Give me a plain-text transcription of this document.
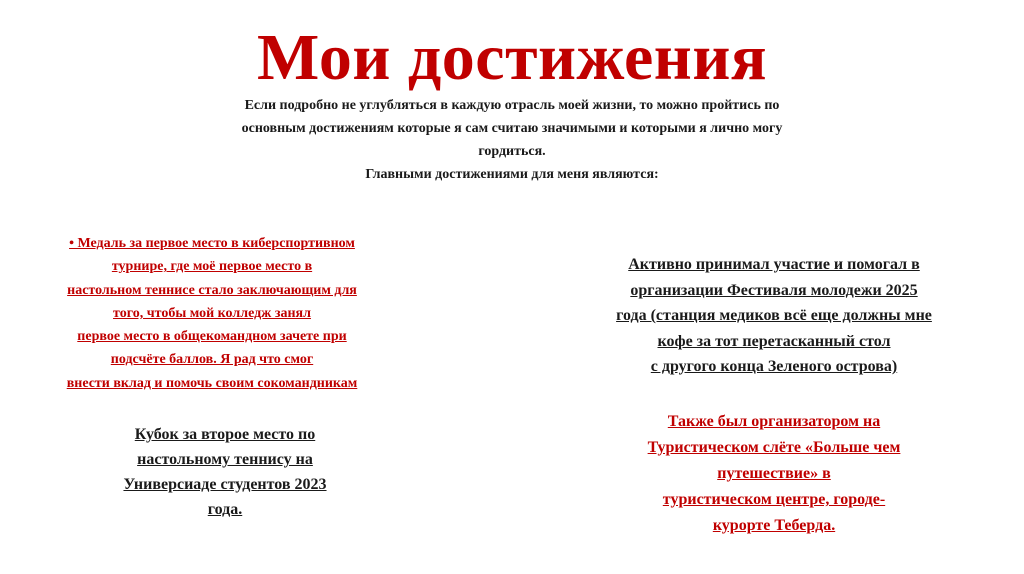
Мои достижения
Если подробно не углубляться в каждую отрасль моей жизни, то можно пройтись по
основным достижениям которые я сам считаю значимыми и которыми я лично могу
гордиться.
Главными достижениями для меня являются:
• Медаль за первое место в киберспортивном
турнире, где моё первое место в
настольном теннисе стало заключающим для
того, чтобы мой колледж занял
первое место в общекомандном зачете при
подсчёте баллов. Я рад что смог
внести вклад и помочь своим сокомандникам
Кубок за второе место по
настольному теннису на
Универсиаде студентов 2023
года.
Активно принимал участие и помогал в
организации Фестиваля молодежи 2025
года (станция медиков всё еще должны мне
кофе за тот перетасканный стол
с другого конца Зеленого острова)
Также был организатором на
Туристическом слёте «Больше чем
путешествие» в
туристическом центре, городе-
курорте Теберда.
